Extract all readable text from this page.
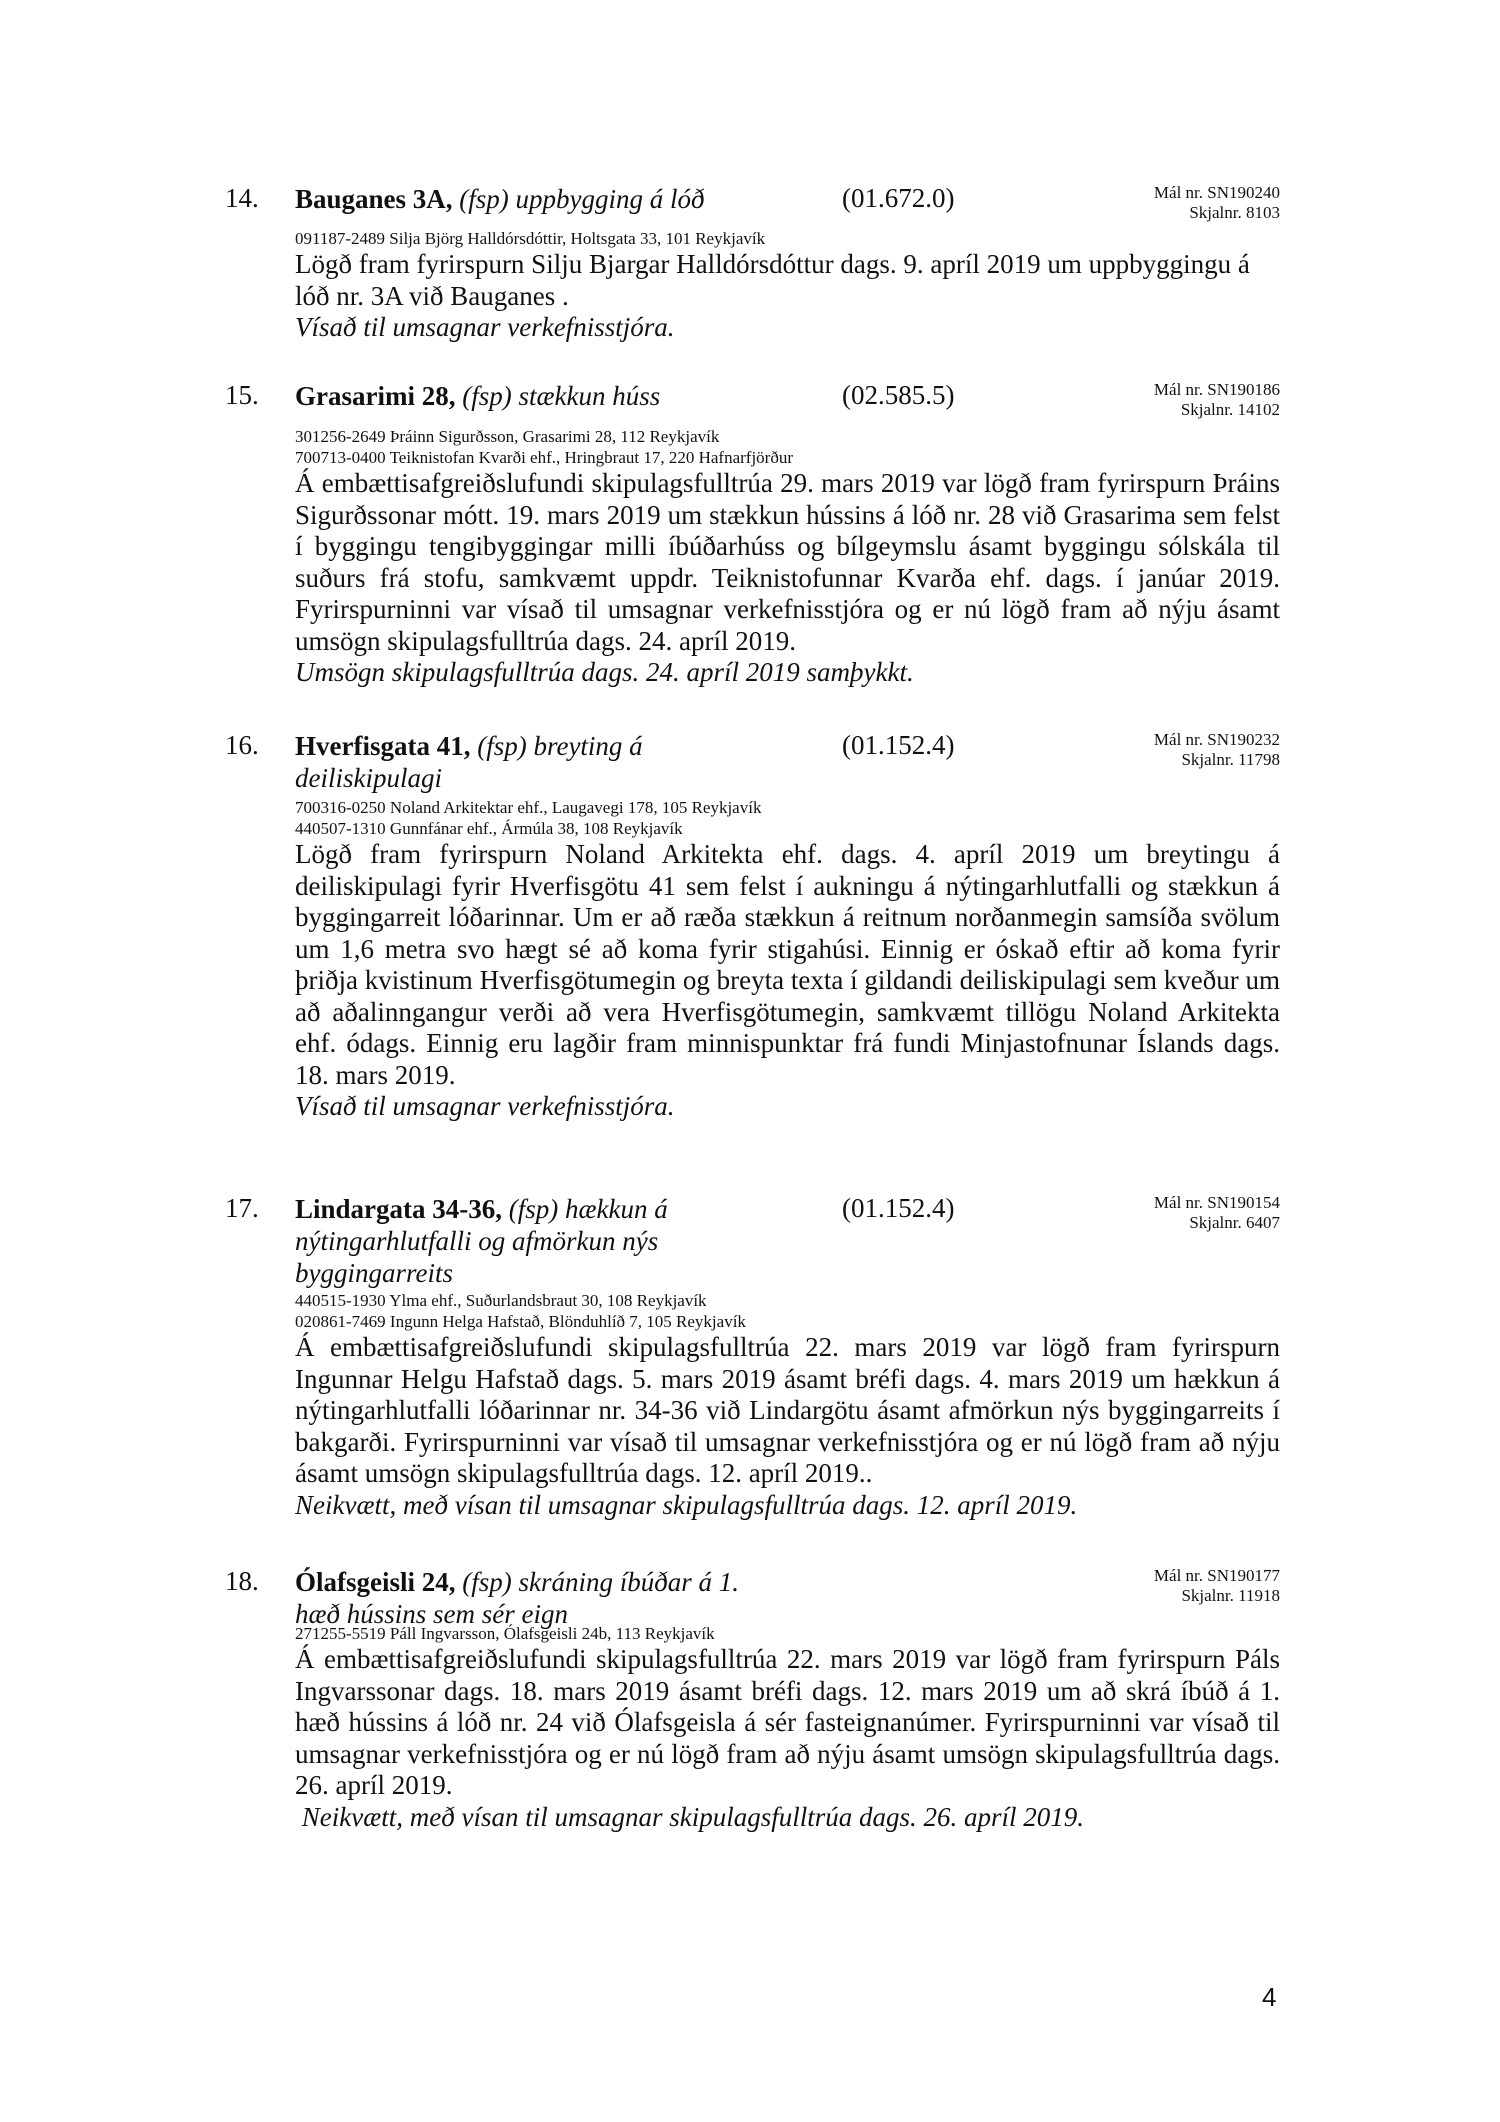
14. Bauganes 3A, (fsp) uppbygging á lóð	(01.672.0)	Mál nr. SN190240
Skjalnr. 8103
091187-2489 Silja Björg Halldórsdóttir, Holtsgata 33, 101 Reykjavík
Lögð fram fyrirspurn Silju Bjargar Halldórsdóttur dags. 9. apríl 2019 um uppbyggingu á lóð nr. 3A við Bauganes .
Vísað til umsagnar verkefnisstjóra.
15. Grasarimi 28, (fsp) stækkun húss	(02.585.5)	Mál nr. SN190186
Skjalnr. 14102
301256-2649 Þráinn Sigurðsson, Grasarimi 28, 112 Reykjavík
700713-0400 Teiknistofan Kvarði ehf., Hringbraut 17, 220 Hafnarfjörður
Á embættisafgreiðslufundi skipulagsfulltrúa 29. mars 2019 var lögð fram fyrirspurn Þráins Sigurðssonar mótt. 19. mars 2019 um stækkun hússins á lóð nr. 28 við Grasarima sem felst í byggingu tengibyggingar milli íbúðarhúss og bílgeymslu ásamt byggingu sólskála til suðurs frá stofu, samkvæmt uppdr. Teiknistofunnar Kvarða ehf. dags. í janúar 2019. Fyrirspurninni var vísað til umsagnar verkefnisstjóra og er nú lögð fram að nýju ásamt umsögn skipulagsfulltrúa dags. 24. apríl 2019.
Umsögn skipulagsfulltrúa dags. 24. apríl 2019 samþykkt.
16. Hverfisgata 41, (fsp) breyting á
deiliskipulagi
(01.152.4)	Mál nr. SN190232
Skjalnr. 11798
700316-0250 Noland Arkitektar ehf., Laugavegi 178, 105 Reykjavík
440507-1310 Gunnfánar ehf., Ármúla 38, 108 Reykjavík
Lögð fram fyrirspurn Noland Arkitekta ehf. dags. 4. apríl 2019 um breytingu á deiliskipulagi fyrir Hverfisgötu 41 sem felst í aukningu á nýtingarhlutfalli og stækkun á byggingarreit lóðarinnar. Um er að ræða stækkun á reitnum norðanmegin samsíða svölum um 1,6 metra svo hægt sé að koma fyrir stigahúsi. Einnig er óskað eftir að koma fyrir þriðja kvistinum Hverfisgötumegin og breyta texta í gildandi deiliskipulagi sem kveður um að aðalinngangur verði að vera Hverfisgötumegin, samkvæmt tillögu Noland Arkitekta ehf. ódags. Einnig eru lagðir fram minnispunktar frá fundi Minjastofnunar Íslands dags. 18. mars 2019.
Vísað til umsagnar verkefnisstjóra.
17. Lindargata 34-36, (fsp) hækkun á
nýtingarhlutfalli og afmörkun nýs
byggingarreits
(01.152.4)	Mál nr. SN190154
Skjalnr. 6407
440515-1930 Ylma ehf., Suðurlandsbraut 30, 108 Reykjavík
020861-7469 Ingunn Helga Hafstað, Blönduhlíð 7, 105 Reykjavík
Á embættisafgreiðslufundi skipulagsfulltrúa 22. mars 2019 var lögð fram fyrirspurn Ingunnar Helgu Hafstað dags. 5. mars 2019 ásamt bréfi dags. 4. mars 2019 um hækkun á nýtingarhlutfalli lóðarinnar nr. 34-36 við Lindargötu ásamt afmörkun nýs byggingarreits í bakgarði. Fyrirspurninni var vísað til umsagnar verkefnisstjóra og er nú lögð fram að nýju ásamt umsögn skipulagsfulltrúa dags. 12. apríl 2019..
Neikvætt, með vísan til umsagnar skipulagsfulltrúa dags. 12. apríl 2019.
18. Ólafsgeisli 24, (fsp) skráning íbúðar á 1.
hæð hússins sem sér eign
Mál nr. SN190177
Skjalnr. 11918
271255-5519 Páll Ingvarsson, Ólafsgeisli 24b, 113 Reykjavík
Á embættisafgreiðslufundi skipulagsfulltrúa 22. mars 2019 var lögð fram fyrirspurn Páls Ingvarssonar dags. 18. mars 2019 ásamt bréfi dags. 12. mars 2019 um að skrá íbúð á 1. hæð hússins á lóð nr. 24 við Ólafsgeisla á sér fasteignanúmer. Fyrirspurninni var vísað til umsagnar verkefnisstjóra og er nú lögð fram að nýju ásamt umsögn skipulagsfulltrúa dags. 26. apríl 2019.
Neikvætt, með vísan til umsagnar skipulagsfulltrúa dags. 26. apríl 2019.
4
